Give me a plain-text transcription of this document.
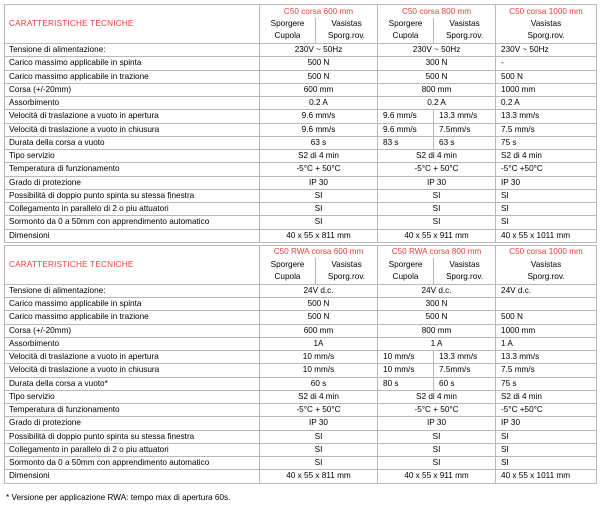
CARATTERISTICHE TECNICHE	C50 corsa 600 mm		C50 corsa 800 mm		C50 corsa 1000 mm

	Sporgere	Vasistas	Sporgere	Vasistas	Vasistas

	Cupola	Sporg.rov.	Cupola	Sporg.rov.	Sporg.rov.
Tensione di alimentazione:	230V ~ 50Hz		230V ~ 50Hz		230V ~ 50Hz
Carico massimo applicabile in spinta	500 N		300 N		-
Carico massimo applicabile in trazione	500 N		500 N		500 N
Corsa (+/-20mm)	600 mm		800 mm		1000 mm
Assorbimento	0.2 A		0.2 A		0.2 A
Velocità di traslazione a vuoto in apertura	9.6 mm/s		9.6 mm/s	13.3 mm/s	13.3 mm/s
Velocità di traslazione a vuoto in chiusura	9.6 mm/s		9.6 mm/s	7.5mm/s	7.5 mm/s
Durata della corsa a vuoto	63 s		83 s	63 s	75 s
Tipo servizio	S2 di 4 min		S2 di 4 min		S2 di 4 min
Temperatura di funzionamento	-5°C + 50°C		-5°C + 50°C		-5°C +50°C
Grado di protezione	IP 30		IP 30		IP 30
Possibilità di doppio punto spinta su stessa finestra	SI		SI		SI
Collegamento in parallelo di 2 o piu attuatori	SI		SI		SI
Sormonto da 0 a 50mm con apprendimento automatico	SI		SI		SI
Dimensioni	40 x 55 x 811 mm		40 x 55 x 911 mm		40 x 55 x 1011 mm
CARATTERISTICHE TECNICHE	C50 RWA corsa 600 mm		C50 RWA corsa 800 mm		C50 corsa 1000 mm

	Sporgere	Vasistas	Sporgere	Vasistas	Vasistas

	Cupola	Sporg.rov.	Cupola	Sporg.rov.	Sporg.rov.
Tensione di alimentazione:	24V d.c.		24V d.c.		24V d.c.
Carico massimo applicabile in spinta	500 N		300 N		
Carico massimo applicabile in trazione	500 N		500 N		500 N
Corsa (+/-20mm)	600 mm		800 mm		1000 mm
Assorbimento	1A		1 A		1 A
Velocità di traslazione a vuoto in apertura	10 mm/s		10 mm/s	13.3 mm/s	13.3 mm/s
Velocità di traslazione a vuoto in chiusura	10 mm/s		10 mm/s	7.5mm/s	7.5 mm/s
Durata della corsa a vuoto*	60 s		80 s	60 s	75 s
Tipo servizio	S2 di 4 min		S2 di 4 min		S2 di 4 min
Temperatura di funzionamento	-5°C + 50°C		-5°C + 50°C		-5°C +50°C
Grado di protezione	IP 30		IP 30		IP 30
Possibilità di doppio punto spinta su stessa finestra	SI		SI		SI
Collegamento in parallelo di 2 o piu attuatori	SI		SI		SI
Sormonto da 0 a 50mm con apprendimento automatico	SI		SI		SI
Dimensioni	40 x 55 x 811 mm		40 x 55 x 911 mm		40 x 55 x 1011 mm
* Versione per applicazione RWA: tempo max di apertura 60s.
